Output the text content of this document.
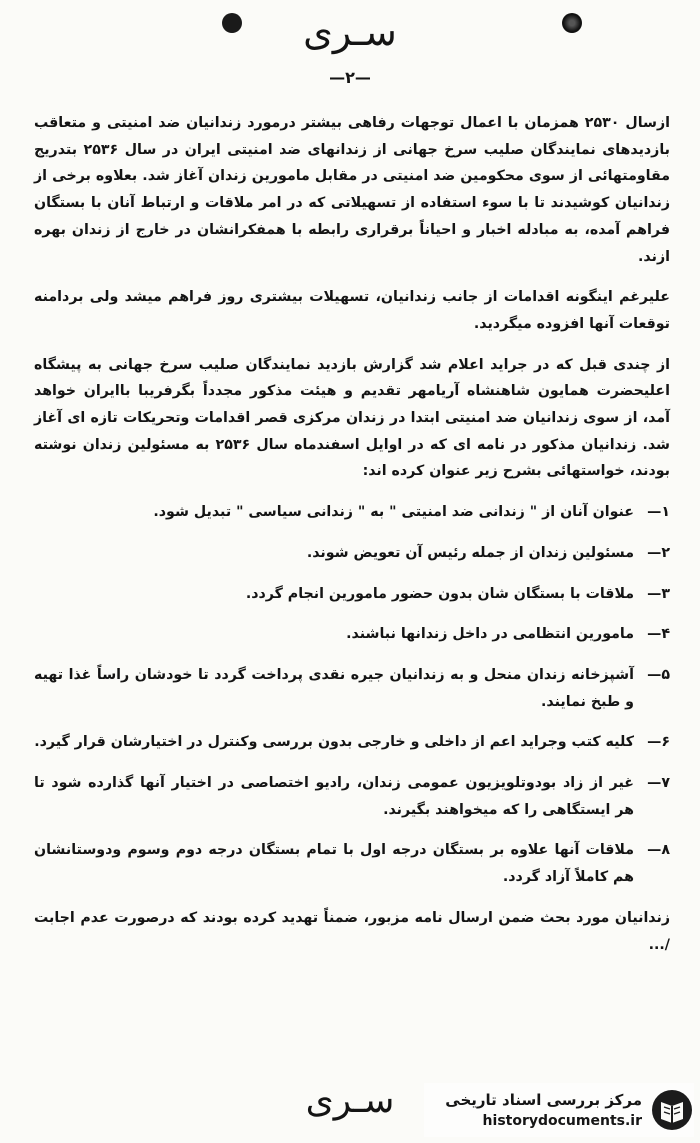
سـری
—۲—

ازسال ۲۵۳۰ همزمان با اعمال توجهات رفاهی بیشتر درمورد زندانیان ضد امنیتی و متعاقب بازدیدهای نمایندگان صلیب سرخ جهانی از زندانهای ضد امنیتی ایران در سال ۲۵۳۶ بتدریج مقاومتهائی از سوی محکومین ضد امنیتی در مقابل مامورین زندان آغاز شد. بعلاوه برخی از زندانیان کوشیدند تا با سوء استفاده از تسهیلاتی که در امر ملاقات و ارتباط آنان با بستگان فراهم آمده، به مبادله اخبار و احیاناً برقراری رابطه با همفکرانشان در خارج از زندان بهره ازند.

علیرغم اینگونه اقدامات از جانب زندانیان، تسهیلات بیشتری روز فراهم میشد ولی بردامنه توقعات آنها افزوده میگردید.

از چندی قبل که در جراید اعلام شد گزارش بازدید نمایندگان صلیب سرخ جهانی به پیشگاه اعلیحضرت همایون شاهنشاه آریامهر تقدیم و هیئت مذکور مجدداً بگرفریبا باایران خواهد آمد، از سوی زندانیان ضد امنیتی ابتدا در زندان مرکزی قصر اقدامات وتحریکات تازه ای آغاز شد. زندانیان مذکور در نامه ای که در اوایل اسفندماه سال ۲۵۳۶ به مسئولین زندان نوشته بودند، خواستهائی بشرح زیر عنوان کرده اند:

۱—
عنوان آنان از " زندانی ضد امنیتی " به " زندانی سیاسی " تبدیل شود.
۲—
مسئولین زندان از جمله رئیس آن تعویض شوند.
۳—
ملاقات با بستگان شان بدون حضور مامورین انجام گردد.
۴—
مامورین انتظامی در داخل زندانها نباشند.
۵—
آشپزخانه زندان منحل و به زندانیان جیره نقدی پرداخت گردد تا خودشان راساً غذا تهیه و طبخ نمایند.
۶—
کلیه کتب وجراید اعم از داخلی و خارجی بدون بررسی وکنترل در اختیارشان قرار گیرد.
۷—
غیر از زاد بودوتلویزیون عمومی زندان، رادیو اختصاصی در اختیار آنها گذارده شود تا هر ایستگاهی را که میخواهند بگیرند.
۸—
ملاقات آنها علاوه بر بستگان درجه اول با تمام بستگان درجه دوم وسوم ودوستانشان هم کاملاً آزاد گردد.

زندانیان مورد بحث ضمن ارسال نامه مزبور، ضمناً تهدید کرده بودند که درصورت عدم اجابت /...

سـری	مرکز بررسی اسناد تاریخی
historydocuments.ir
